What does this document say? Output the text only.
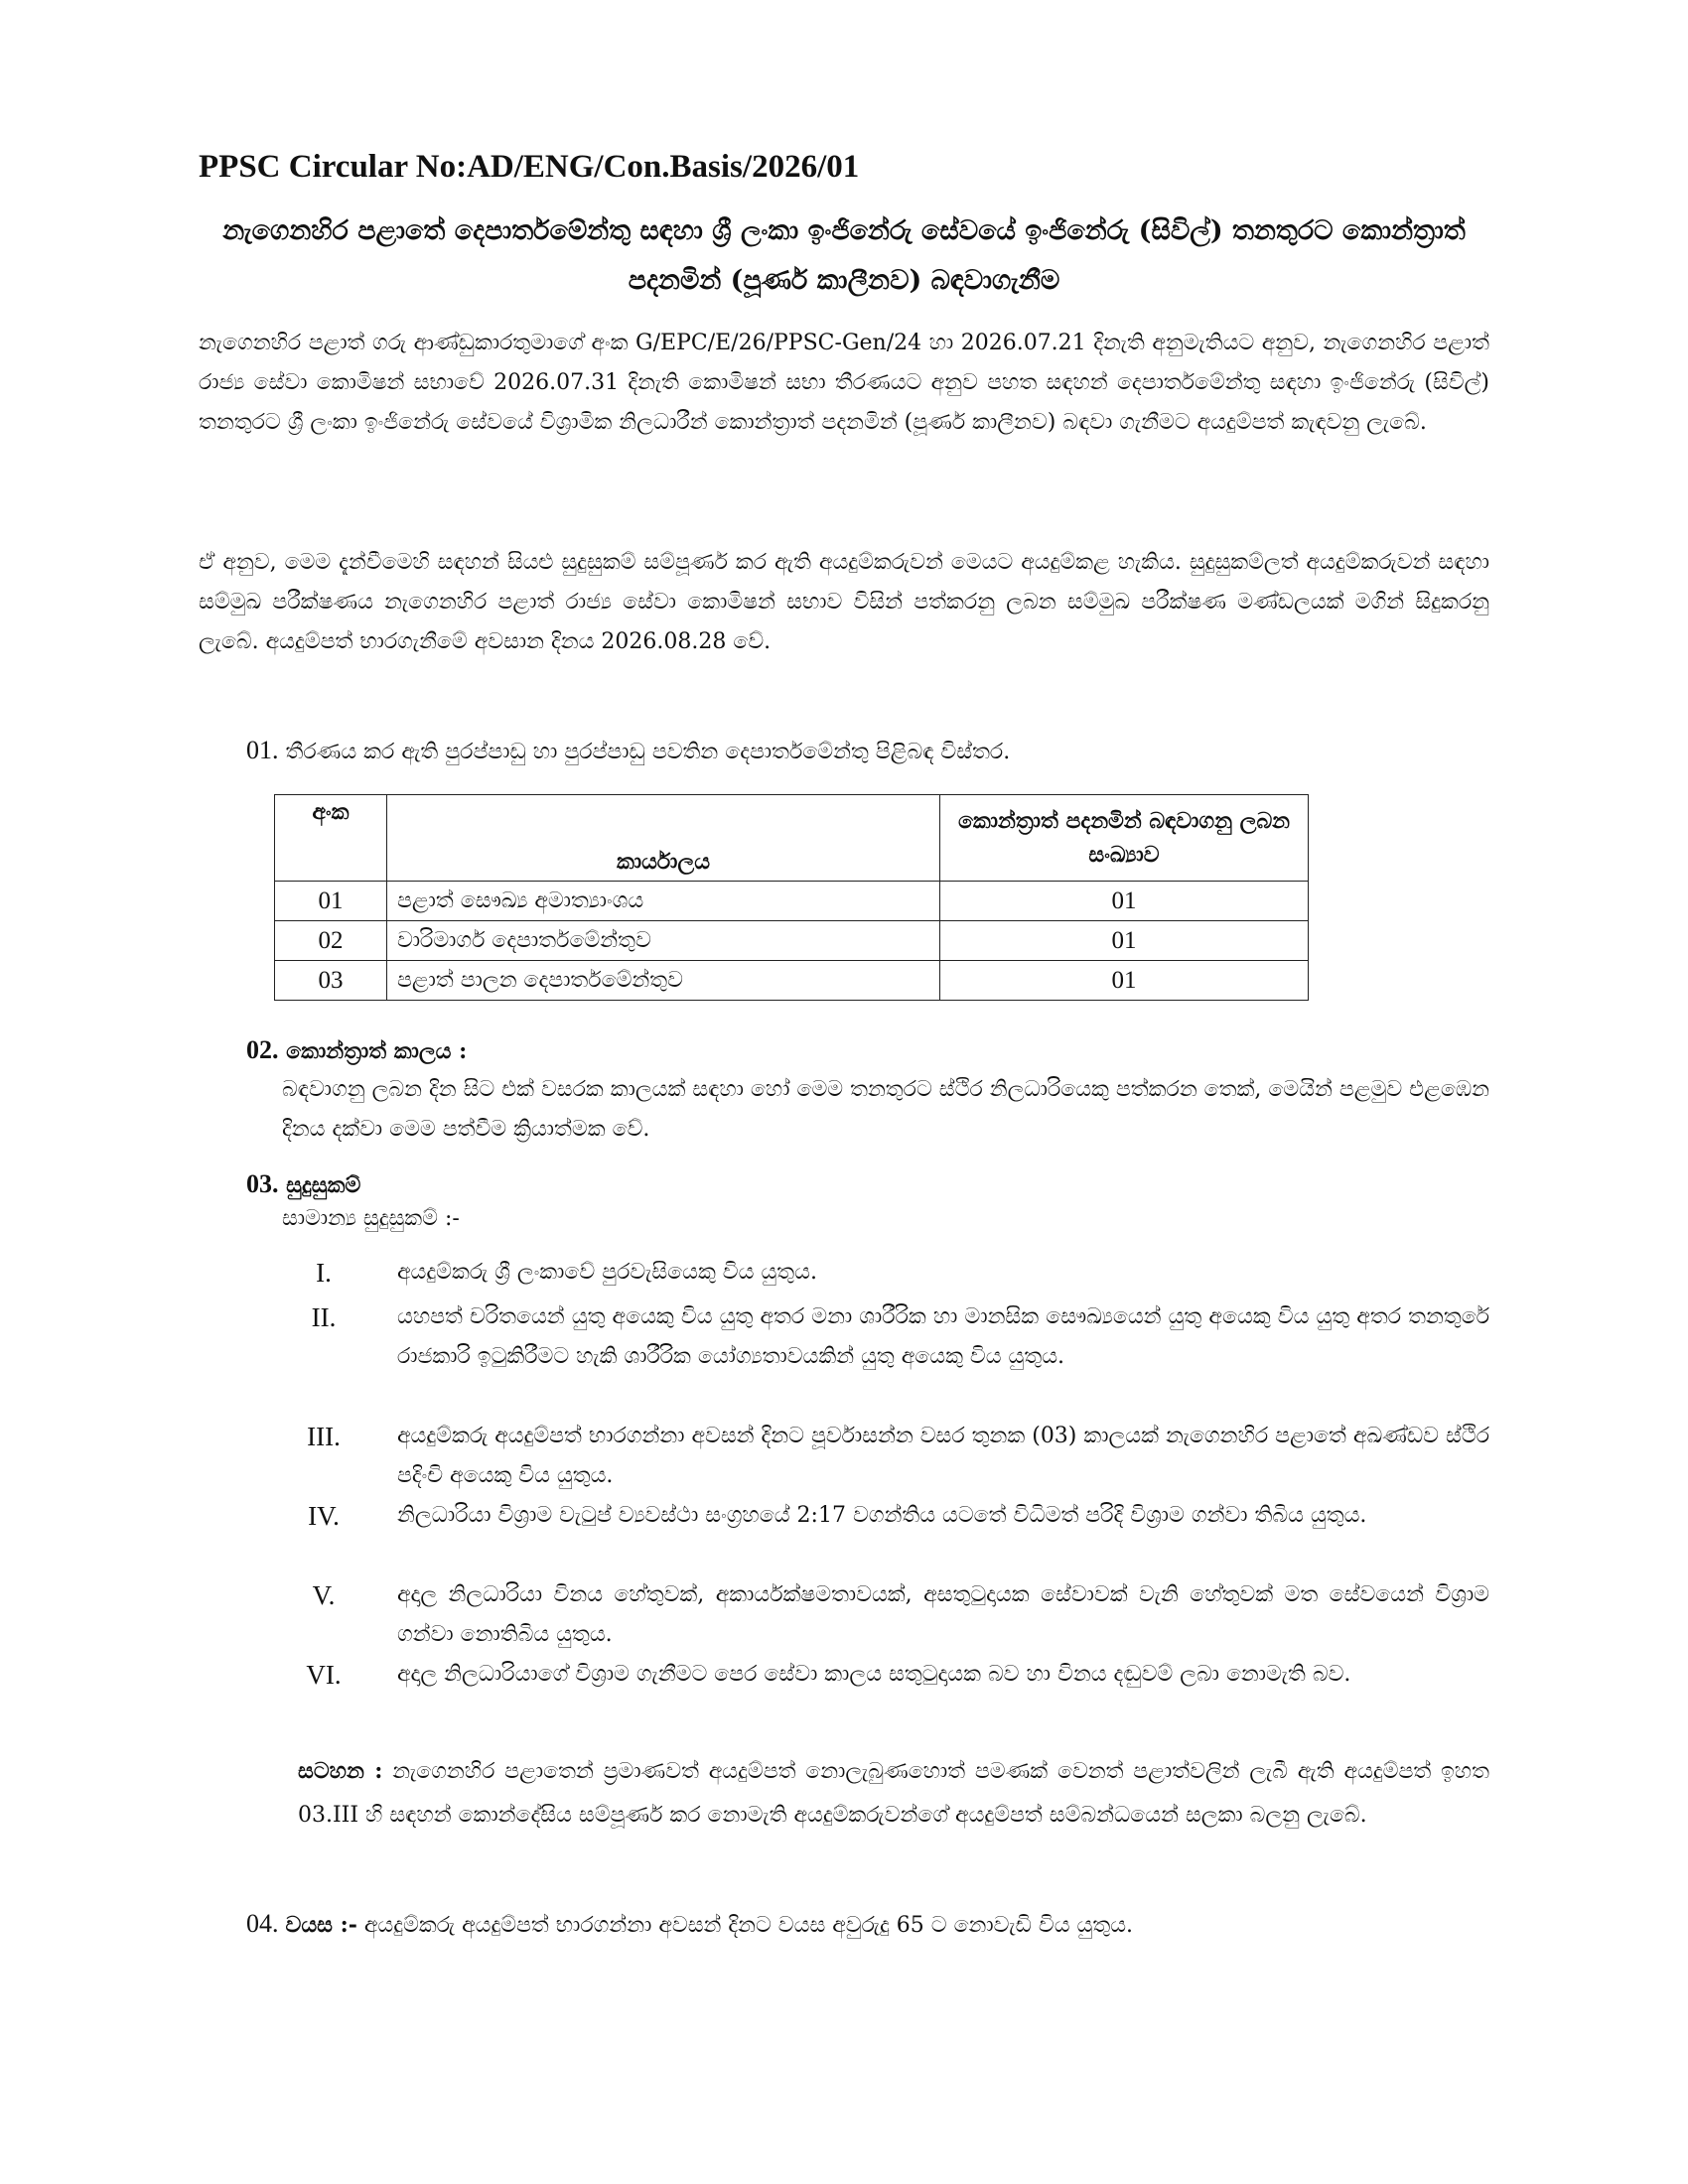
PPSC Circular No:AD/ENG/Con.Basis/2026/01
නැගෙනහිර පළාතේ දෙපාර්තමේන්තු සඳහා ශ්‍රී ලංකා ඉංජිනේරු සේවයේ ඉංජිනේරු (සිවිල්) තනතුරට කොන්ත්‍රාත් පදනමින් (පූර්ණ කාලීනව) බඳවාගැනීම

නැගෙනහිර පළාත් ගරු ආණ්ඩුකාරතුමාගේ අංක G/EPC/E/26/PPSC-Gen/24 හා 2026.07.21 දිනැති අනුමැතියට අනුව, නැගෙනහිර පළාත් රාජ්‍ය සේවා කොමිෂන් සභාවේ 2026.07.31 දිනැති කොමිෂන් සභා තීරණයට අනුව පහත සඳහන් දෙපාර්තමේන්තු සඳහා ඉංජිනේරු (සිවිල්) තනතුරට ශ්‍රී ලංකා ඉංජිනේරු සේවයේ විශ්‍රාමික නිලධාරීන් කොන්ත්‍රාත් පදනමින් (පූර්ණ කාලීනව) බඳවා ගැනීමට අයදුම්පත් කැඳවනු ලැබේ.

ඒ අනුව, මෙම දැන්වීමෙහි සඳහන් සියළු සුදුසුකම් සම්පූර්ණ කර ඇති අයදුම්කරුවන් මෙයට අයදුම්කළ හැකිය. සුදුසුකම්ලත් අයදුම්කරුවන් සඳහා සම්මුඛ පරීක්ෂණය නැගෙනහිර පළාත් රාජ්‍ය සේවා කොමිෂන් සභාව විසින් පත්කරනු ලබන සම්මුඛ පරීක්ෂණ මණ්ඩලයක් මගින් සිදුකරනු ලැබේ. අයදුම්පත් භාරගැනීමේ අවසාන දිනය 2026.08.28 වේ.

01. තීරණය කර ඇති පුරප්පාඩු හා පුරප්පාඩු පවතින දෙපාර්තමේන්තු පිළිබඳ විස්තර.

අංක	කාර්යාලය	කොන්ත්‍රාත් පදනමින් බඳවාගනු ලබන සංඛ්‍යාව
01	පළාත් සෞඛ්‍ය අමාත්‍යාංශය	01
02	වාරිමාර්ග දෙපාර්තමේන්තුව	01
03	පළාත් පාලන දෙපාර්තමේන්තුව	01

02. කොන්ත්‍රාත් කාලය :

බඳවාගනු ලබන දින සිට එක් වසරක කාලයක් සඳහා හෝ මෙම තනතුරට ස්ථිර නිලධාරියෙකු පත්කරන තෙක්, මෙයින් පළමුව එළඹෙන දිනය දක්වා මෙම පත්වීම ක්‍රියාත්මක වේ.

03. සුදුසුකම්

සාමාන්‍ය සුදුසුකම් :-

I.	අයදුම්කරු ශ්‍රී ලංකාවේ පුරවැසියෙකු විය යුතුය.

II.	යහපත් චරිතයෙන් යුතු අයෙකු විය යුතු අතර මනා ශාරීරික හා මානසික සෞඛ්‍යයෙන් යුතු අයෙකු විය යුතු අතර තනතුරේ රාජකාරි ඉටුකිරීමට හැකි ශාරීරික යෝග්‍යතාවයකින් යුතු අයෙකු විය යුතුය.

III.	අයදුම්කරු අයදුම්පත් භාරගන්නා අවසන් දිනට පූර්වාසන්න වසර තුනක (03) කාලයක් නැගෙනහිර පළාතේ අඛණ්ඩව ස්ථිර පදිංචි අයෙකු විය යුතුය.

IV.	නිලධාරියා විශ්‍රාම වැටුප් ව්‍යවස්ථා සංග්‍රහයේ 2:17 වගන්තිය යටතේ විධිමත් පරිදි විශ්‍රාම ගන්වා තිබිය යුතුය.

V.	අදාල නිලධාරියා විනය හේතුවක්, අකාර්යක්ෂමතාවයක්, අසතුටුදායක සේවාවක් වැනි හේතුවක් මත සේවයෙන් විශ්‍රාම ගන්වා නොතිබිය යුතුය.

VI.	අදාල නිලධාරියාගේ විශ්‍රාම ගැනීමට පෙර සේවා කාලය සතුටුදායක බව හා විනය දඬුවම් ලබා නොමැති බව.

සටහන : නැගෙනහිර පළාතෙන් ප්‍රමාණවත් අයදුම්පත් නොලැබුණහොත් පමණක් වෙනත් පළාත්වලින් ලැබී ඇති අයදුම්පත් ඉහත 03.III හි සඳහන් කොන්දේසිය සම්පූර්ණ කර නොමැති අයදුම්කරුවන්ගේ අයදුම්පත් සම්බන්ධයෙන් සලකා බලනු ලැබේ.

04. වයස :- අයදුම්කරු අයදුම්පත් භාරගන්නා අවසන් දිනට වයස අවුරුදු 65 ට නොවැඩි විය යුතුය.
